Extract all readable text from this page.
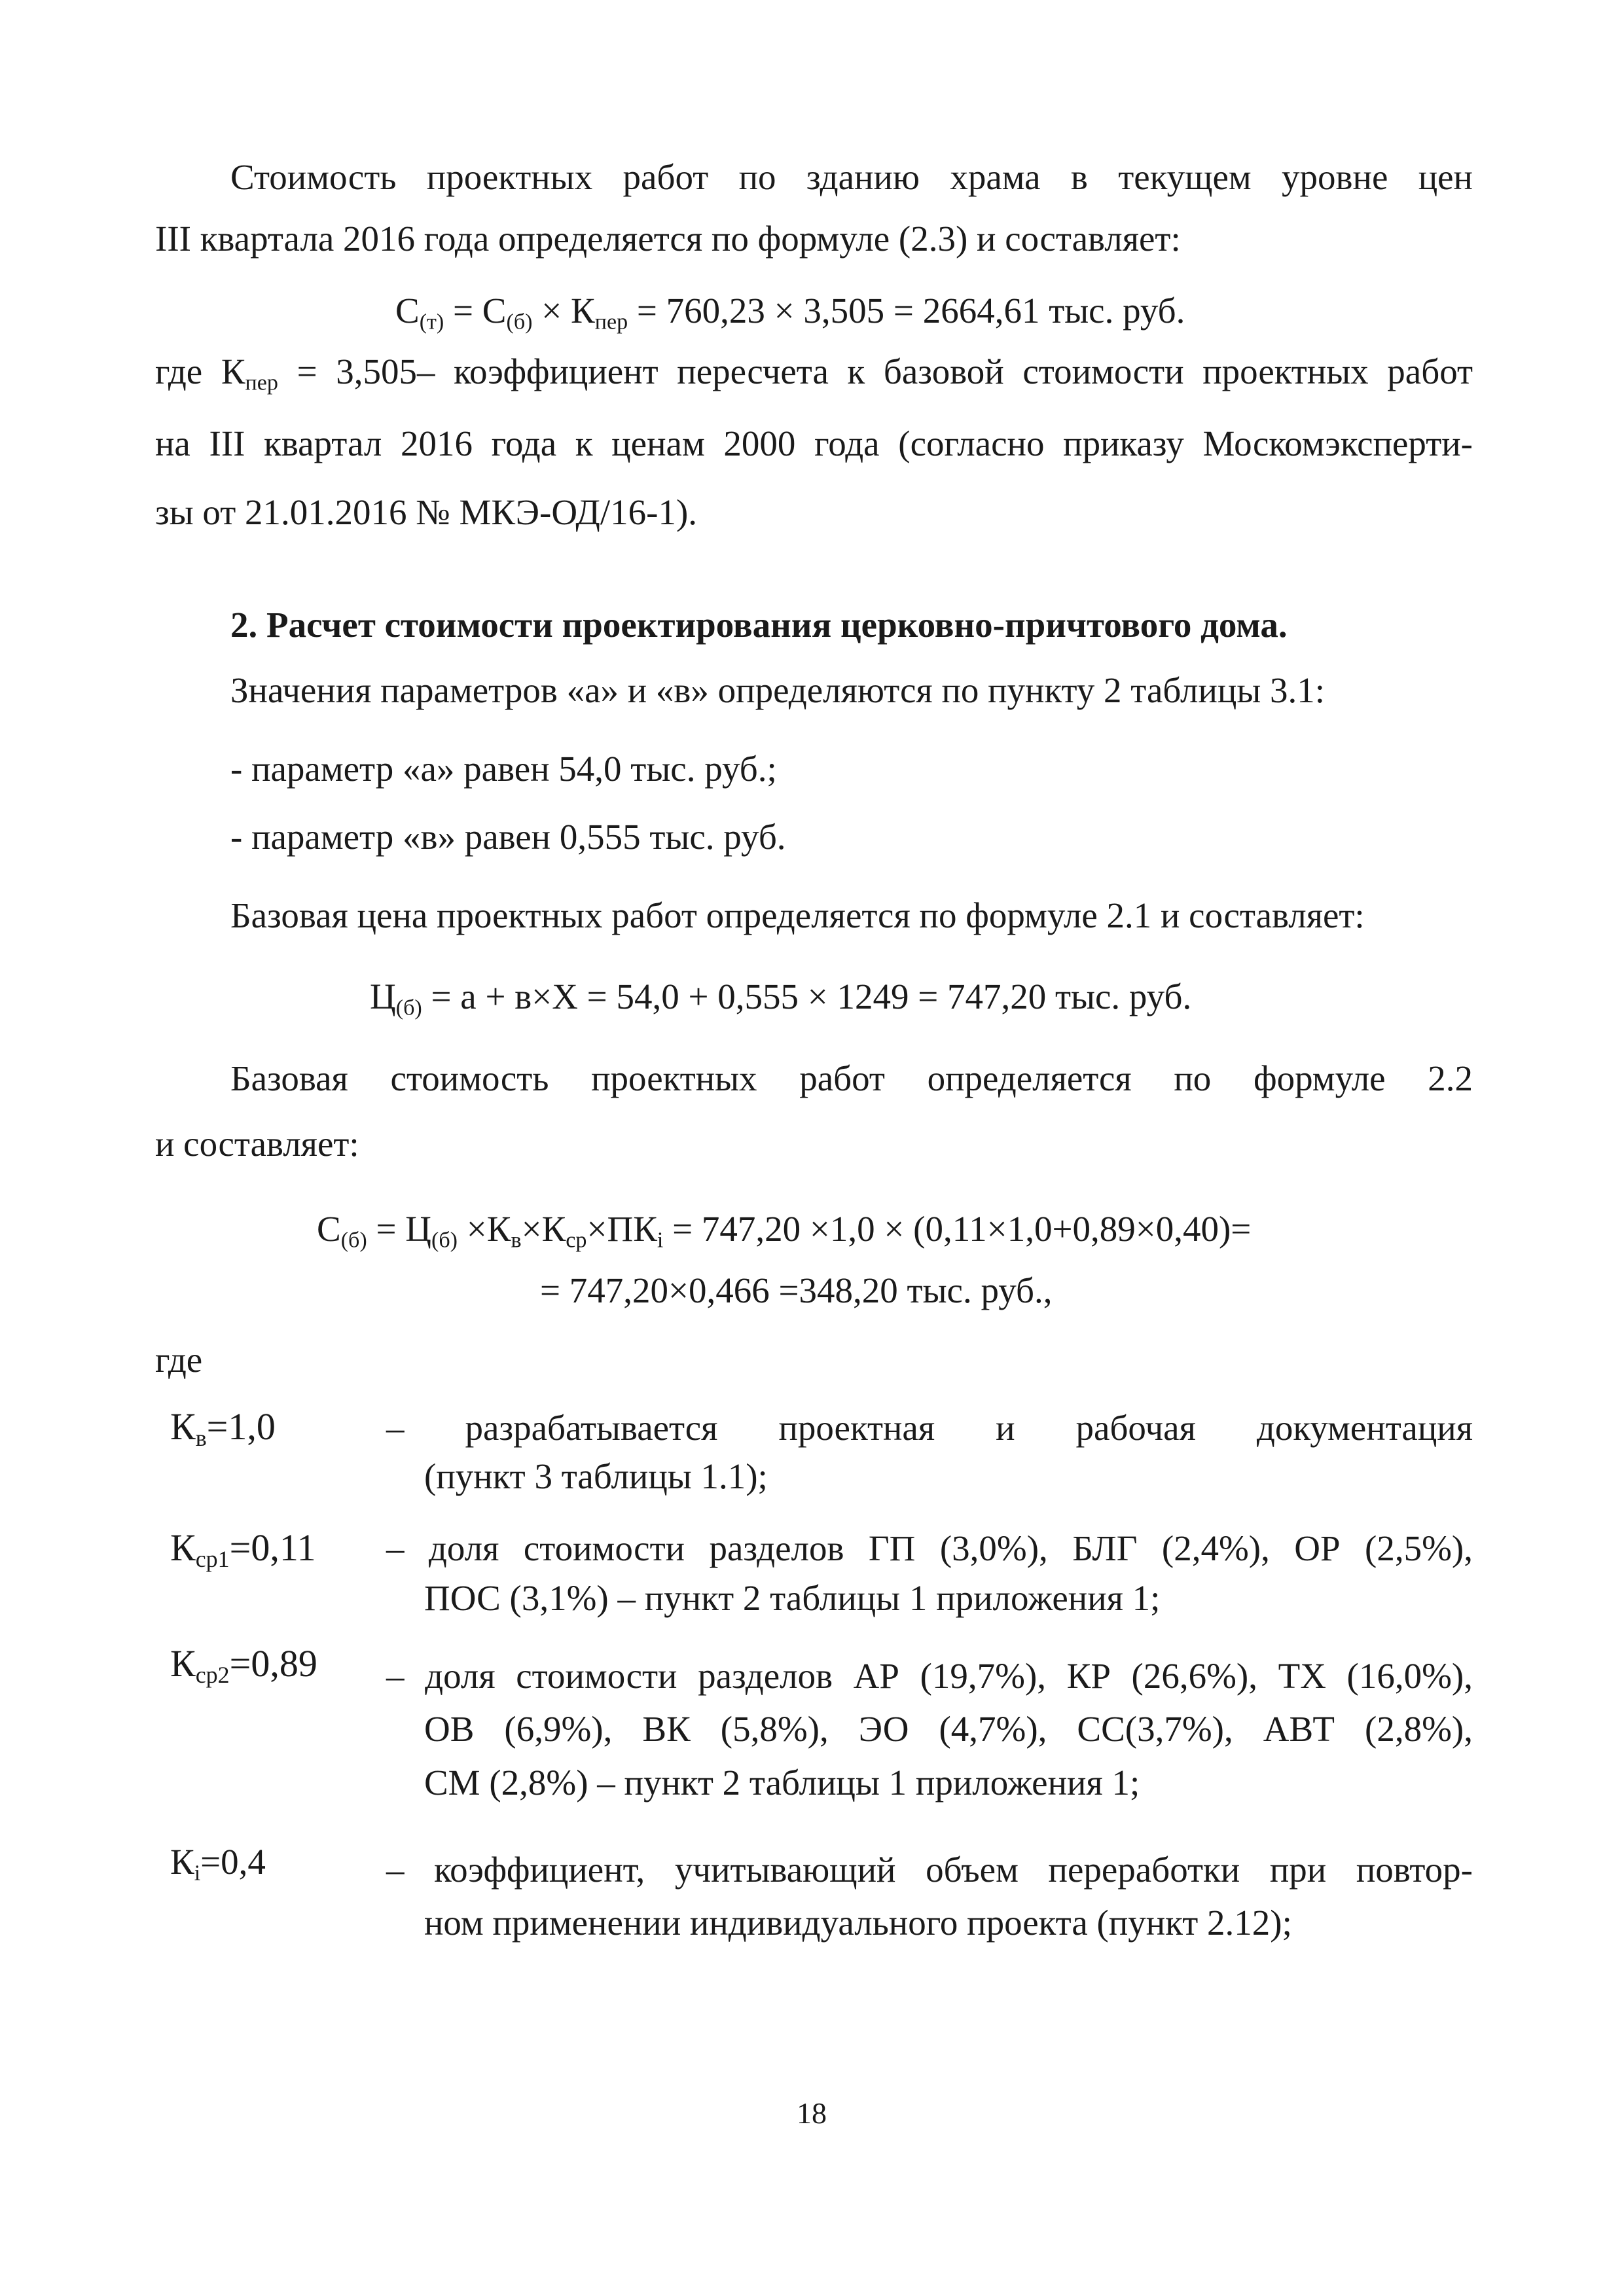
Стоимость проектных работ по зданию храма в текущем уровне цен
III квартала 2016 года определяется по формуле (2.3) и составляет:
$С_{(т)} = С_{(б)} \times К_{пер} = 760,23 \times 3,505 = 2664,61$ тыс. руб.
где $К_{пер} = 3,505-$ коэффициент пересчета к базовой стоимости проектных работ
на III квартал 2016 года к ценам 2000 года (согласно приказу Москомэксперти-
зы от 21.01.2016 № МКЭ-ОД/16-1).
2. Расчет стоимости проектирования церковно-причтового дома.
Значения параметров «а» и «в» определяются по пункту 2 таблицы 3.1:
- параметр «а» равен 54,0 тыс. руб.;
- параметр «в» равен 0,555 тыс. руб.
Базовая цена проектных работ определяется по формуле 2.1 и составляет:
$Ц_{(б)} = а + в\times Х = 54,0 + 0,555 \times 1249 = 747,20$ тыс. руб.
Базовая стоимость проектных работ определяется по формуле 2.2
и составляет:
$С_{(б)} = Ц_{(б)} \times К_в\times К_{ср}\times ПК_i = 747,20 \times 1,0 \times (0,11\times 1,0+0,89\times 0,40)=$
= 747,20×0,466 =348,20 тыс. руб.,
где
$К_в=1,0$	– разрабатывается проектная и рабочая документация
(пункт 3 таблицы 1.1);
$К_{ср1}=0,11$ – доля стоимости разделов ГП (3,0%), БЛГ (2,4%), ОР (2,5%),
ПОС (3,1%) – пункт 2 таблицы 1 приложения 1;
$К_{ср2}=0,89$ – доля стоимости разделов АР (19,7%), КР (26,6%), ТХ (16,0%),
ОВ (6,9%), ВК (5,8%), ЭО (4,7%), СС(3,7%), АВТ (2,8%),
СМ (2,8%) – пункт 2 таблицы 1 приложения 1;
$К_i=0,4$	– коэффициент, учитывающий объем переработки при повтор-
ном применении индивидуального проекта (пункт 2.12);
18
